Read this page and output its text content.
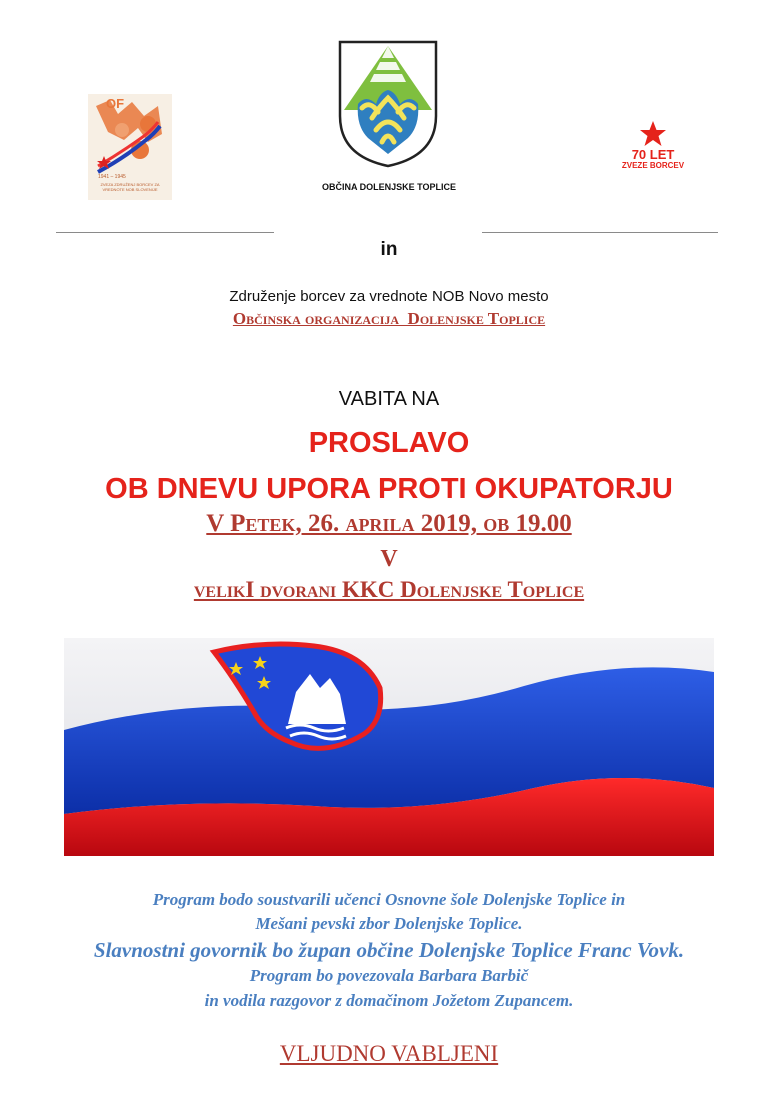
OF
1941 – 1945
ZVEZA ZDRUŽENJ BORCEV ZA VREDNOTE NOB SLOVENIJE	OBČINA DOLENJSKE TOPLICE
70 LET
ZVEZE BORCEV
in
Združenje borcev za vrednote NOB Novo mesto
Občinska organizacija  Dolenjske Toplice
VABITA NA
PROSLAVO
OB DNEVU UPORA PROTI OKUPATORJU
V Petek, 26. aprila 2019, ob 19.00
V
velikI dvorani KKC Dolenjske Toplice
Program bodo soustvarili učenci Osnovne šole Dolenjske Toplice in
Mešani pevski zbor Dolenjske Toplice.
Slavnostni govornik bo župan občine Dolenjske Toplice Franc Vovk.
Program bo povezovala Barbara Barbič
in vodila razgovor z domačinom Jožetom Zupancem.
VLJUDNO VABLJENI
